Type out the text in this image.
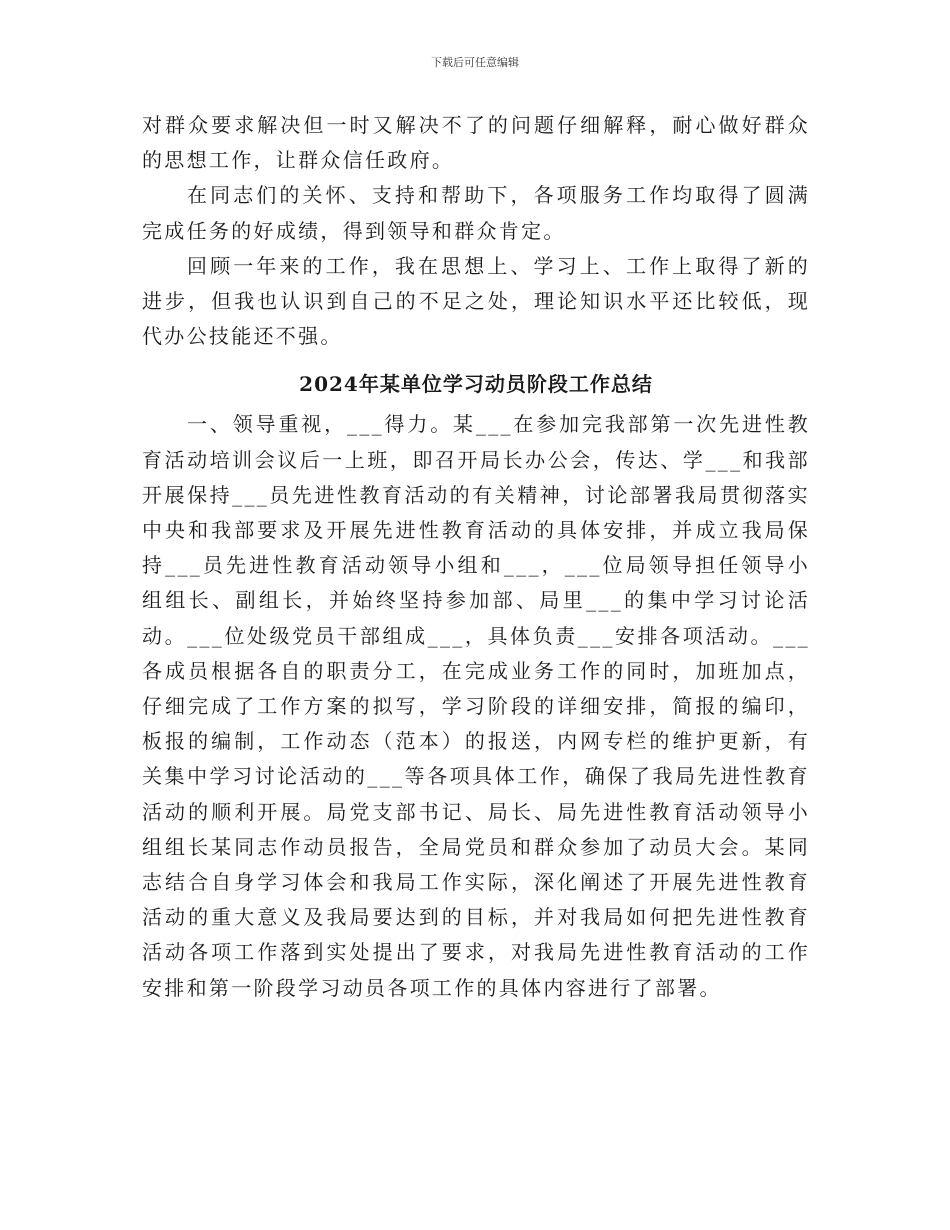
下载后可任意编辑

对群众要求解决但一时又解决不了的问题仔细解释，耐心做好群众的思想工作，让群众信任政府。

在同志们的关怀、支持和帮助下，各项服务工作均取得了圆满完成任务的好成绩，得到领导和群众肯定。

回顾一年来的工作，我在思想上、学习上、工作上取得了新的进步，但我也认识到自己的不足之处，理论知识水平还比较低，现代办公技能还不强。

2024年某单位学习动员阶段工作总结

一、领导重视，___得力。某___在参加完我部第一次先进性教育活动培训会议后一上班，即召开局长办公会，传达、学___和我部开展保持___员先进性教育活动的有关精神，讨论部署我局贯彻落实中央和我部要求及开展先进性教育活动的具体安排，并成立我局保持___员先进性教育活动领导小组和___，___位局领导担任领导小组组长、副组长，并始终坚持参加部、局里___的集中学习讨论活动。___位处级党员干部组成___，具体负责___安排各项活动。___各成员根据各自的职责分工，在完成业务工作的同时，加班加点，仔细完成了工作方案的拟写，学习阶段的详细安排，简报的编印，板报的编制，工作动态（范本）的报送，内网专栏的维护更新，有关集中学习讨论活动的___等各项具体工作，确保了我局先进性教育活动的顺利开展。局党支部书记、局长、局先进性教育活动领导小组组长某同志作动员报告，全局党员和群众参加了动员大会。某同志结合自身学习体会和我局工作实际，深化阐述了开展先进性教育活动的重大意义及我局要达到的目标，并对我局如何把先进性教育活动各项工作落到实处提出了要求，对我局先进性教育活动的工作安排和第一阶段学习动员各项工作的具体内容进行了部署。
